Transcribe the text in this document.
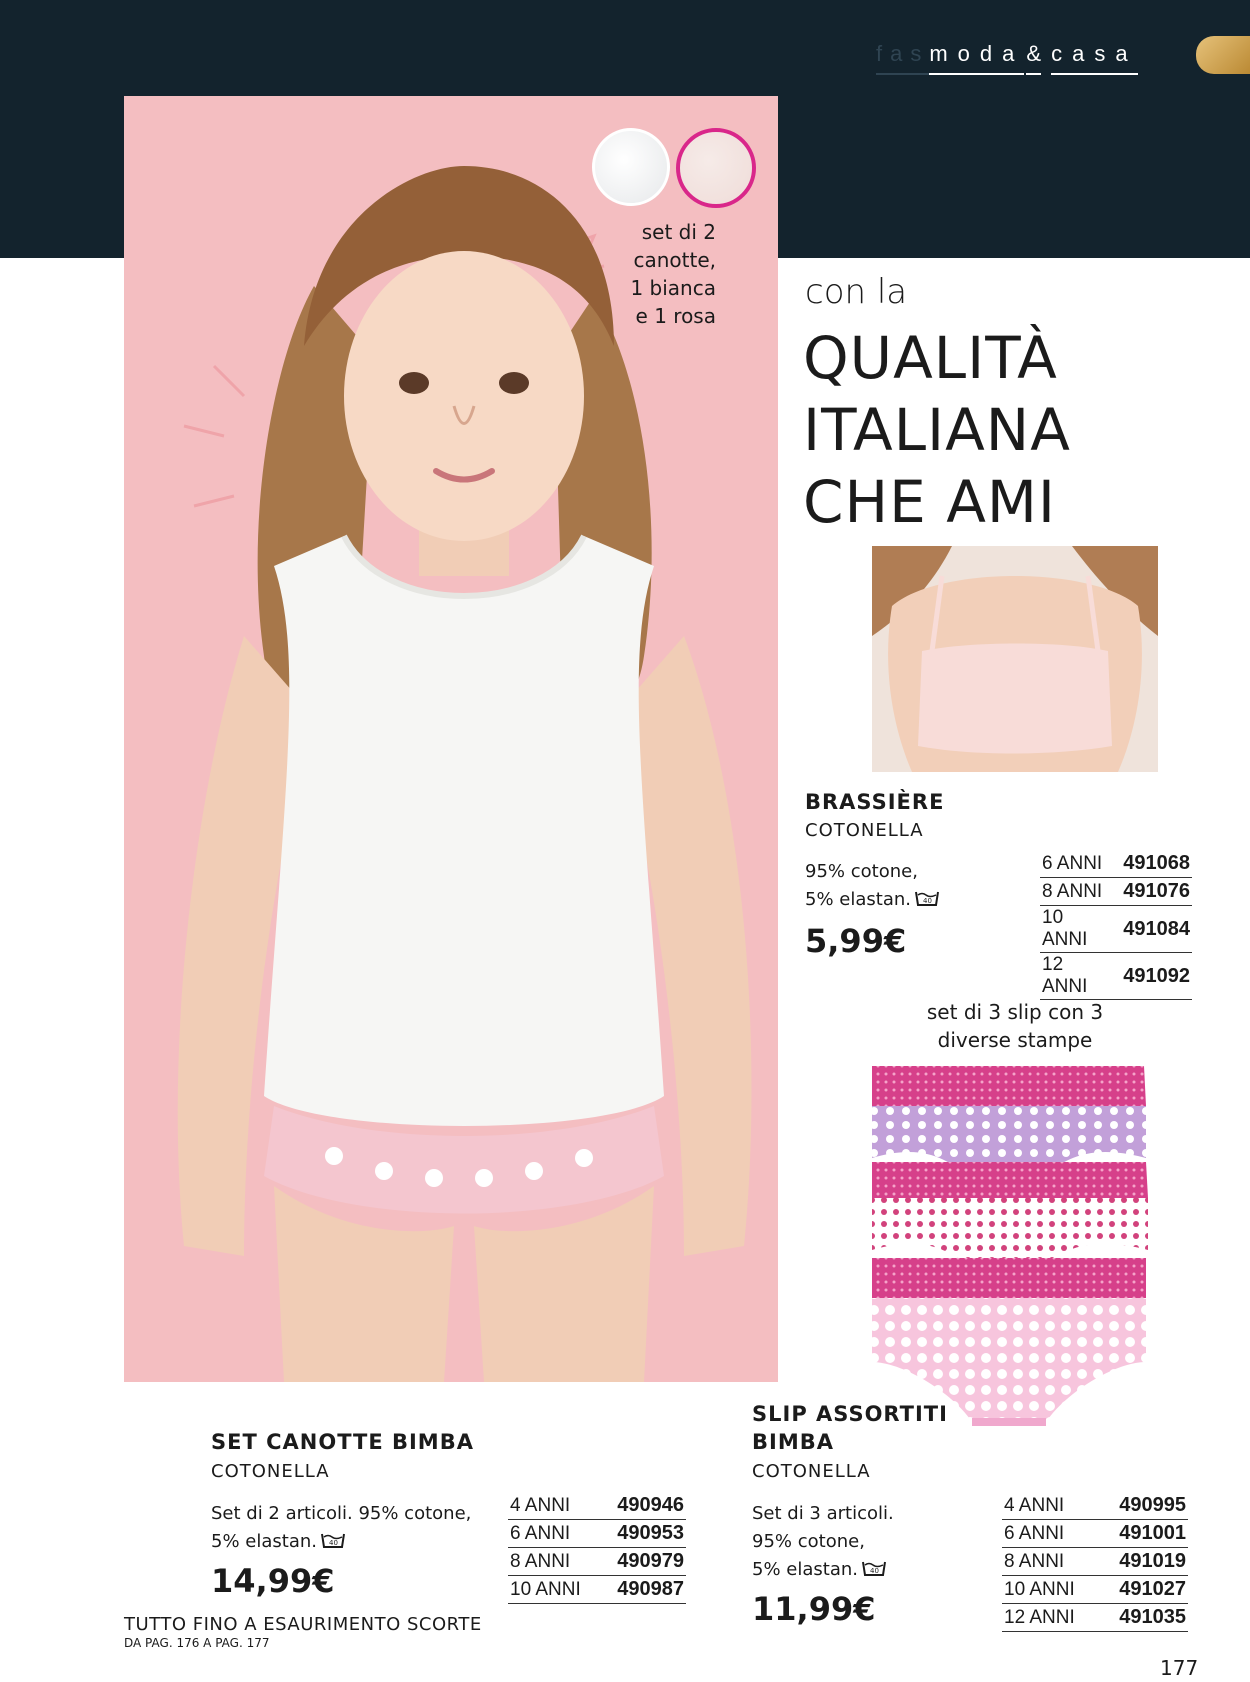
fas moda & casa
set di 2
canotte,
1 bianca
e 1 rosa
con la
QUALITÀ
ITALIANA
CHE AMI
BRASSIÈRE
COTONELLA
95% cotone,
5% elastan. 40
5,99€
6 ANNI	491068
8 ANNI	491076
10 ANNI	491084
12 ANNI	491092
set di 3 slip con 3
diverse stampe
SET CANOTTE BIMBA
COTONELLA
Set di 2 articoli. 95% cotone,
5% elastan. 40
14,99€
4 ANNI	490946
6 ANNI	490953
8 ANNI	490979
10 ANNI	490987
SLIP ASSORTITI
BIMBA
COTONELLA
Set di 3 articoli.
95% cotone,
5% elastan. 40
11,99€
4 ANNI	490995
6 ANNI	491001
8 ANNI	491019
10 ANNI	491027
12 ANNI	491035
TUTTO FINO A ESAURIMENTO SCORTE
DA PAG. 176 A PAG. 177
177
